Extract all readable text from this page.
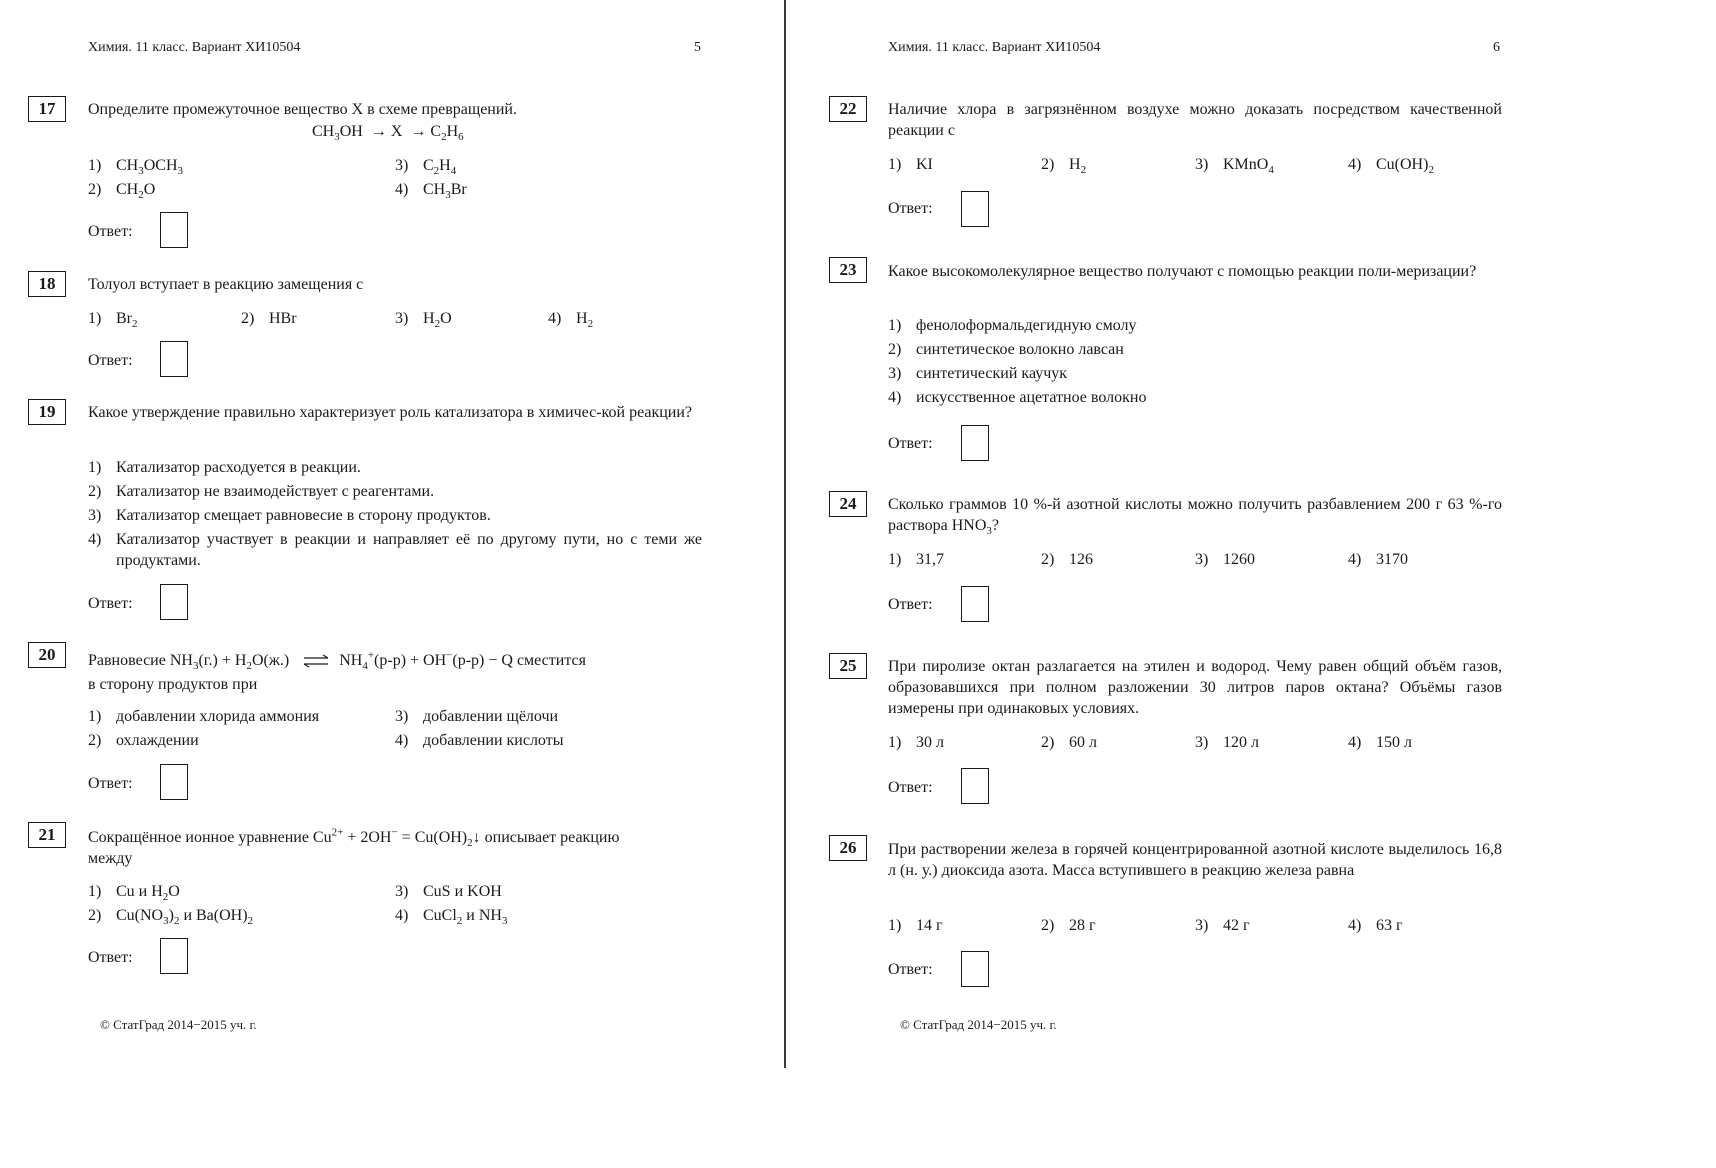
Химия. 11 класс. Вариант ХИ10504	5
17	Определите промежуточное вещество X в схеме превращений.
$CH_3OH \to X \to C_2H_6$
1) $CH_3OCH_3$	3) $C_2H_4$
2) $CH_2O$	4) $CH_3Br$
Ответ:
18	Толуол вступает в реакцию замещения с
1) $Br_2$	2) HBr	3) $H_2O$	4) $H_2$
Ответ:
19	Какое утверждение правильно характеризует роль катализатора в химичес-кой реакции?
1) Катализатор расходуется в реакции.
2) Катализатор не взаимодействует с реагентами.
3) Катализатор смещает равновесие в сторону продуктов.
4) Катализатор участвует в реакции и направляет её по другому пути, но с теми же продуктами.
Ответ:
20	Равновесие $NH_3(г.) + H_2O(ж.)$ ⇌ $NH_4^+(р-р) + OH^-(р-р) - Q$ сместится
в сторону продуктов при
1) добавлении хлорида аммония	3) добавлении щёлочи
2) охлаждении	4) добавлении кислоты
Ответ:
21	Сокращённое ионное уравнение $Cu^{2+} + 2OH^-$ = $Cu(OH)_2↓$ описывает реакцию
между
1) Cu и $H_2O$	3) CuS и KOH
2) $Cu(NO_3)_2$ и $Ba(OH)_2$	4) CuCl$_2$ и $NH_3$
Ответ:
© СтатГрад 2014−2015 уч. г.
Химия. 11 класс. Вариант ХИ10504	6
22	Наличие хлора в загрязнённом воздухе можно доказать посредством качественной реакции с
1) KI	2) $H_2$	3) KMnO$_4$	4) $Cu(OH)_2$
Ответ:
23	Какое высокомолекулярное вещество получают с помощью реакции поли-меризации?
1) фенолоформальдегидную смолу
2) синтетическое волокно лавсан
3) синтетический каучук
4) искусственное ацетатное волокно
Ответ:
24	Сколько граммов 10 %-й азотной кислоты можно получить разбавлением 200 г 63 %-го раствора $HNO_3$?
1) 31,7	2) 126	3) 1260	4) 3170
Ответ:
25	При пиролизе октан разлагается на этилен и водород. Чему равен общий объём газов, образовавшихся при полном разложении 30 литров паров октана? Объёмы газов измерены при одинаковых условиях.
1) 30 л	2) 60 л	3) 120 л	4) 150 л
Ответ:
26	При растворении железа в горячей концентрированной азотной кислоте выделилось 16,8 л (н. у.) диоксида азота. Масса вступившего в реакцию железа равна
1) 14 г	2) 28 г	3) 42 г	4) 63 г
Ответ:
© СтатГрад 2014−2015 уч. г.
